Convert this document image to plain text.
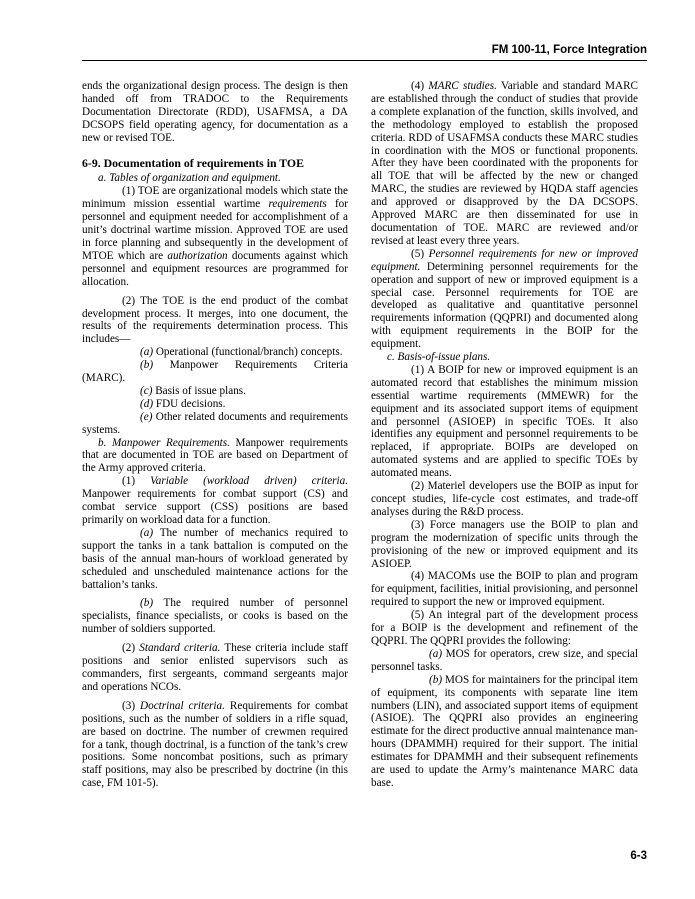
FM 100-11, Force Integration

ends the organizational design process. The design is then handed off from TRADOC to the Requirements Documentation Directorate (RDD), USAFMSA, a DA DCSOPS field operating agency, for documentation as a new or revised TOE.

6-9. Documentation of requirements in TOE

a. Tables of organization and equipment.

(1) TOE are organizational models which state the minimum mission essential wartime requirements for personnel and equipment needed for accomplishment of a unit’s doctrinal wartime mission. Approved TOE are used in force planning and subsequently in the development of MTOE which are authorization documents against which personnel and equipment resources are programmed for allocation.

(2) The TOE is the end product of the combat development process. It merges, into one document, the results of the requirements determination process. This includes—

(a) Operational (functional/branch) concepts.

(b) Manpower Requirements Criteria (MARC).

(c) Basis of issue plans.

(d) FDU decisions.

(e) Other related documents and requirements systems.

b. Manpower Requirements. Manpower requirements that are documented in TOE are based on Department of the Army approved criteria.

(1) Variable (workload driven) criteria. Manpower requirements for combat support (CS) and combat service support (CSS) positions are based primarily on workload data for a function.

(a) The number of mechanics required to support the tanks in a tank battalion is computed on the basis of the annual man-hours of workload generated by scheduled and unscheduled maintenance actions for the battalion’s tanks.

(b) The required number of personnel specialists, finance specialists, or cooks is based on the number of soldiers supported.

(2) Standard criteria. These criteria include staff positions and senior enlisted supervisors such as commanders, first sergeants, command sergeants major and operations NCOs.

(3) Doctrinal criteria. Requirements for combat positions, such as the number of soldiers in a rifle squad, are based on doctrine. The number of crewmen required for a tank, though doctrinal, is a function of the tank’s crew positions. Some noncombat positions, such as primary staff positions, may also be prescribed by doctrine (in this case, FM 101-5).

(4) MARC studies. Variable and standard MARC are established through the conduct of studies that provide a complete explanation of the function, skills involved, and the methodology employed to establish the proposed criteria. RDD of USAFMSA conducts these MARC studies in coordination with the MOS or functional proponents. After they have been coordinated with the proponents for all TOE that will be affected by the new or changed MARC, the studies are reviewed by HQDA staff agencies and approved or disapproved by the DA DCSOPS. Approved MARC are then disseminated for use in documentation of TOE. MARC are reviewed and/or revised at least every three years.

(5) Personnel requirements for new or improved equipment. Determining personnel requirements for the operation and support of new or improved equipment is a special case. Personnel requirements for TOE are developed as qualitative and quantitative personnel requirements information (QQPRI) and documented along with equipment requirements in the BOIP for the equipment.

c. Basis-of-issue plans.

(1) A BOIP for new or improved equipment is an automated record that establishes the minimum mission essential wartime requirements (MMEWR) for the equipment and its associated support items of equipment and personnel (ASIOEP) in specific TOEs. It also identifies any equipment and personnel requirements to be replaced, if appropriate. BOIPs are developed on automated systems and are applied to specific TOEs by automated means.

(2) Materiel developers use the BOIP as input for concept studies, life-cycle cost estimates, and trade-off analyses during the R&D process.

(3) Force managers use the BOIP to plan and program the modernization of specific units through the provisioning of the new or improved equipment and its ASIOEP.

(4) MACOMs use the BOIP to plan and program for equipment, facilities, initial provisioning, and personnel required to support the new or improved equipment.

(5) An integral part of the development process for a BOIP is the development and refinement of the QQPRI. The QQPRI provides the following:

(a) MOS for operators, crew size, and special personnel tasks.

(b) MOS for maintainers for the principal item of equipment, its components with separate line item numbers (LIN), and associated support items of equipment (ASIOE). The QQPRI also provides an engineering estimate for the direct productive annual maintenance man-hours (DPAMMH) required for their support. The initial estimates for DPAMMH and their subsequent refinements are used to update the Army’s maintenance MARC data base.

6-3
